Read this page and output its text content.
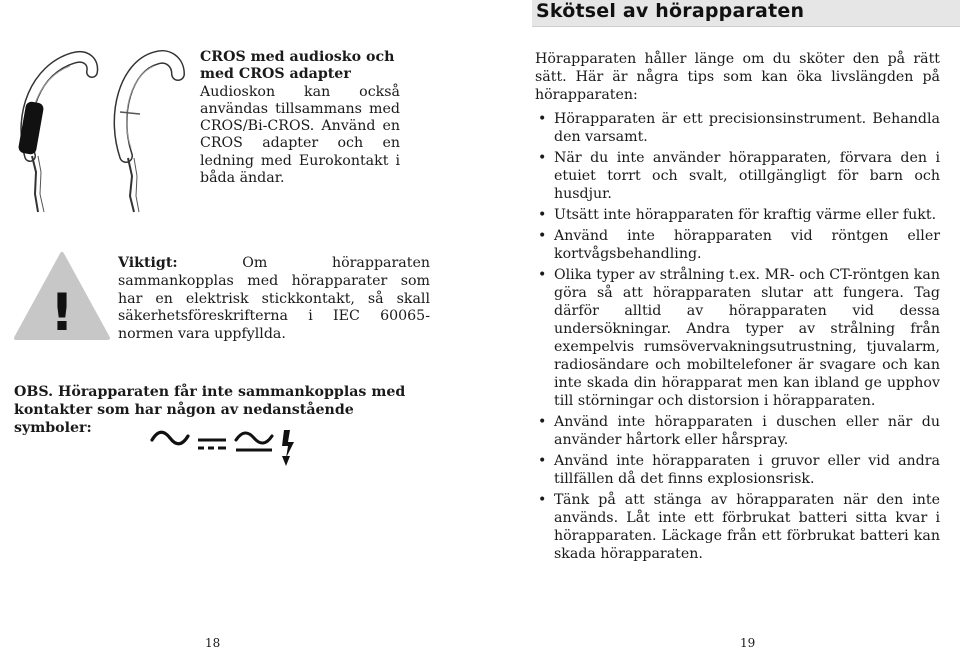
CROS med audiosko och
med CROS adapter
Audioskon kan också användas tillsammans med CROS/Bi-CROS. Använd en CROS adapter och en ledning med Eurokontakt i båda ändar.
!
Viktigt:	Om hörapparaten sammankopplas med hörapparater som har en elektrisk stickkontakt, så skall säkerhetsföreskrifterna i IEC 60065-normen vara uppfyllda.
OBS. Hörapparaten får inte sammankopplas med kontakter som har någon av nedanstående symboler:
18
Skötsel av hörapparaten
Hörapparaten håller länge om du sköter den på rätt sätt. Här är några tips som kan öka livslängden på hörapparaten:
• Hörapparaten är ett precisionsinstrument. Behandla den varsamt.
• När du inte använder hörapparaten, förvara den i etuiet torrt och svalt, otillgängligt för barn och husdjur.
• Utsätt inte hörapparaten för kraftig värme eller fukt.
• Använd inte hörapparaten vid röntgen eller kortvågsbehandling.
• Olika typer av strålning t.ex. MR- och CT-röntgen kan göra så att hörapparaten slutar att fungera. Tag därför alltid av hörapparaten vid dessa undersökningar. Andra typer av strålning från exempelvis rumsövervakningsutrustning, tjuvalarm, radiosändare och mobiltelefoner är svagare och kan inte skada din hörapparat men kan ibland ge upphov till störningar och distorsion i hörapparaten.
• Använd inte hörapparaten i duschen eller när du använder hårtork eller hårspray.
• Använd inte hörapparaten i gruvor eller vid andra tillfällen då det finns explosionsrisk.
• Tänk på att stänga av hörapparaten när den inte används. Låt inte ett förbrukat batteri sitta kvar i hörapparaten. Läckage från ett förbrukat batteri kan skada hörapparaten.
19
